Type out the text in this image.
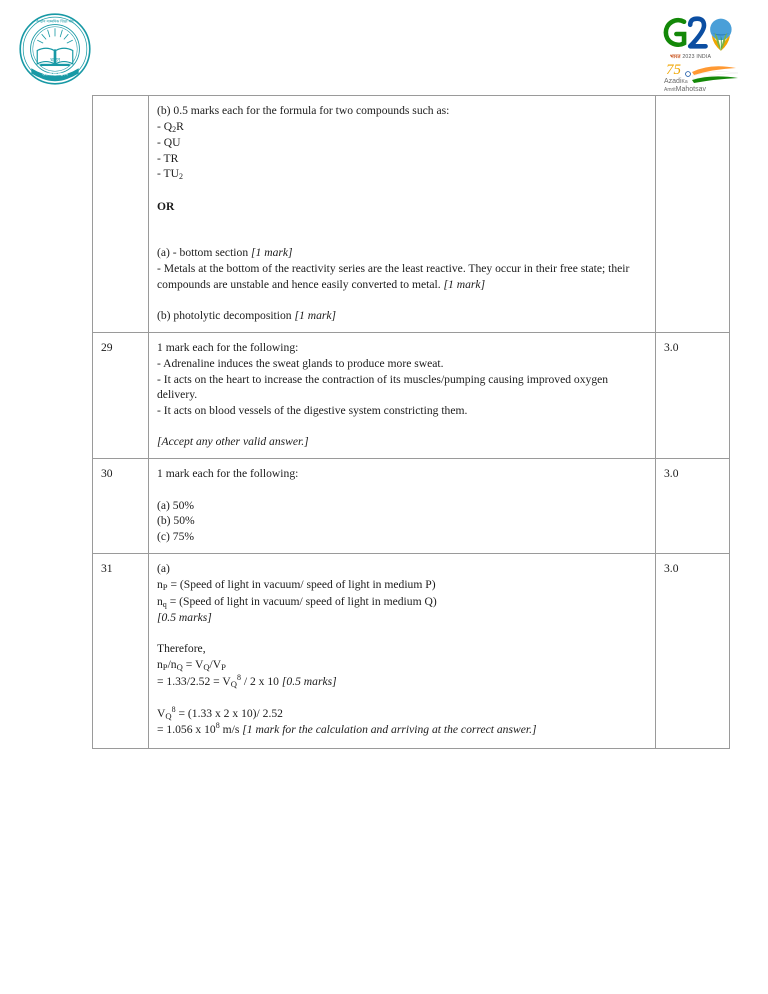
भारत
असतो मा सद्गमय
केन्द्रीय माध्यमिक शिक्षा बोर्ड
भारत 2023 INDIA
75
AzadiKa
AmritMahotsav

(b) 0.5 marks each for the formula for two compounds such as:
- $Q_2R$
- QU
- TR
- $TU_2$
OR
(a) - bottom section [1 mark]
- Metals at the bottom of the reactivity series are the least reactive. They occur in their free state; their compounds are unstable and hence easily converted to metal. [1 mark]
(b) photolytic decomposition [1 mark]

29	1 mark each for the following:
- Adrenaline induces the sweat glands to produce more sweat.
- It acts on the heart to increase the contraction of its muscles/pumping causing improved oxygen delivery.
- It acts on blood vessels of the digestive system constricting them.
[Accept any other valid answer.]	3.0
30	1 mark each for the following:
(a) 50%
(b) 50%
(c) 75%	3.0
31	(a)
nP = (Speed of light in vacuum/ speed of light in medium P)
$n_q$ = (Speed of light in vacuum/ speed of light in medium Q)
[0.5 marks]
Therefore,
nP/nQ = VQ/VP
= $1.33/2.52 = VQ^8 / 2$ x 10 [0.5 marks]
$VQ^8 = (1.33$ x 2 x 10)/ 2.52
= 1.056 x $10^8$ m/s [1 mark for the calculation and arriving at the correct answer.]
	3.0
